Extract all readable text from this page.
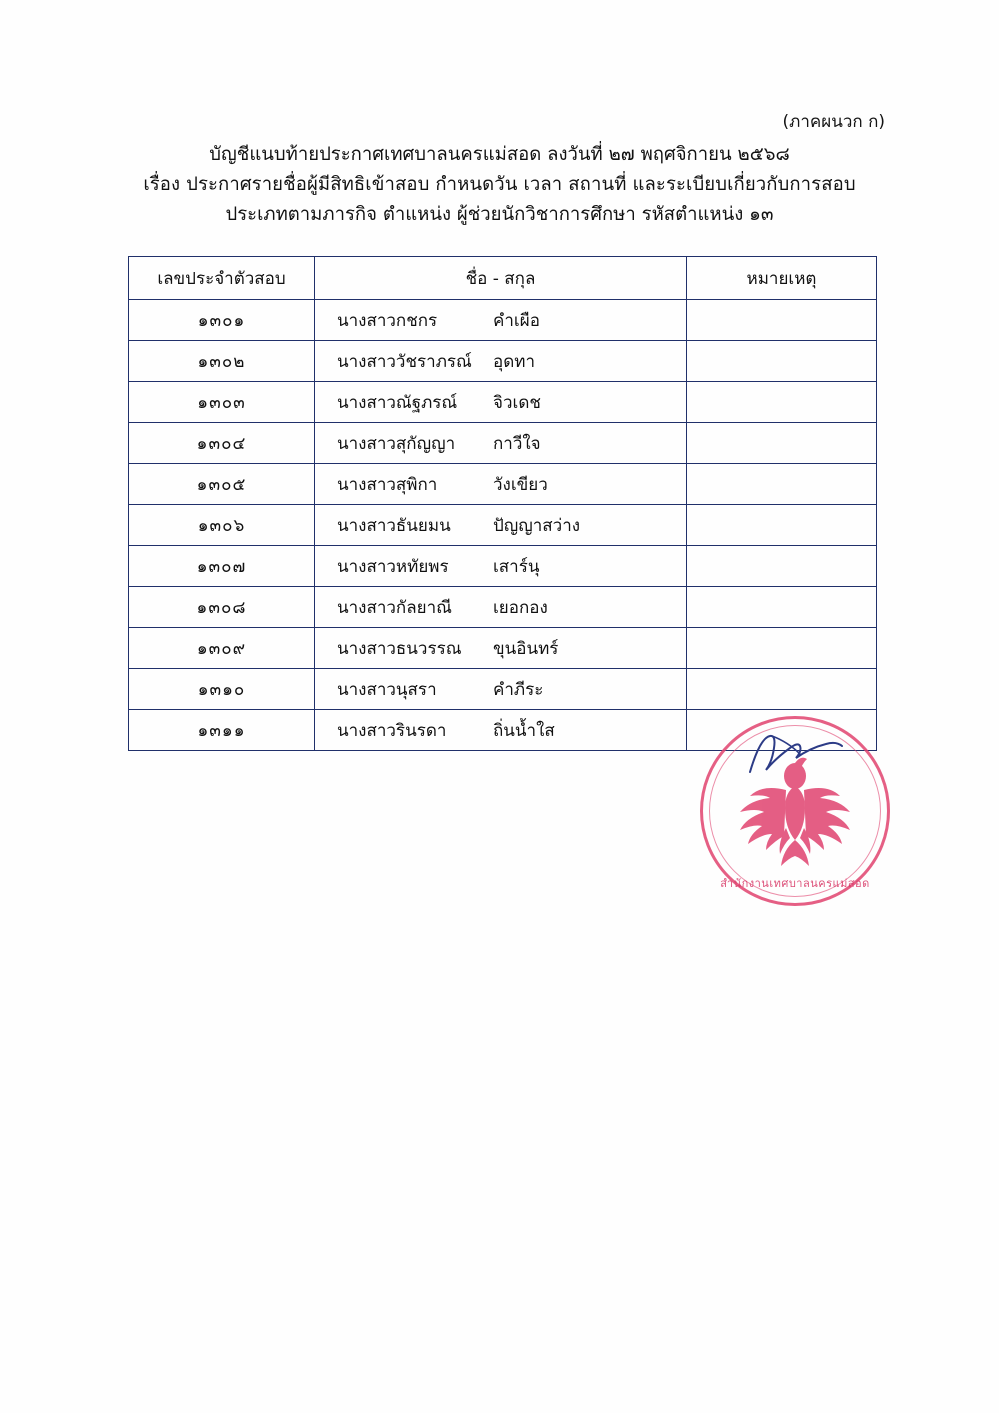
(ภาคผนวก ก)
บัญชีแนบท้ายประกาศเทศบาลนครแม่สอด ลงวันที่ ๒๗ พฤศจิกายน ๒๕๖๘
เรื่อง ประกาศรายชื่อผู้มีสิทธิเข้าสอบ กำหนดวัน เวลา สถานที่ และระเบียบเกี่ยวกับการสอบ
ประเภทตามภารกิจ ตำแหน่ง ผู้ช่วยนักวิชาการศึกษา รหัสตำแหน่ง ๑๓
เลขประจำตัวสอบ	ชื่อ - สกุล	หมายเหตุ
๑๓๐๑	นางสาวกชกร คำเผือ	

๑๓๐๒	นางสาววัชราภรณ์ อุดทา	

๑๓๐๓	นางสาวณัฐภรณ์ จิวเดช	

๑๓๐๔	นางสาวสุกัญญา กาวีใจ	

๑๓๐๕	นางสาวสุพิกา วังเขียว	

๑๓๐๖	นางสาวธันยมน ปัญญาสว่าง	

๑๓๐๗	นางสาวหทัยพร เสาร์นุ	

๑๓๐๘	นางสาวกัลยาณี เยอกอง	

๑๓๐๙	นางสาวธนวรรณ ขุนอินทร์	

๑๓๑๐	นางสาวนุสรา คำภีระ	

๑๓๑๑	นางสาวรินรดา ถิ่นน้ำใส	

สำนักงานเทศบาลนครแม่สอด
